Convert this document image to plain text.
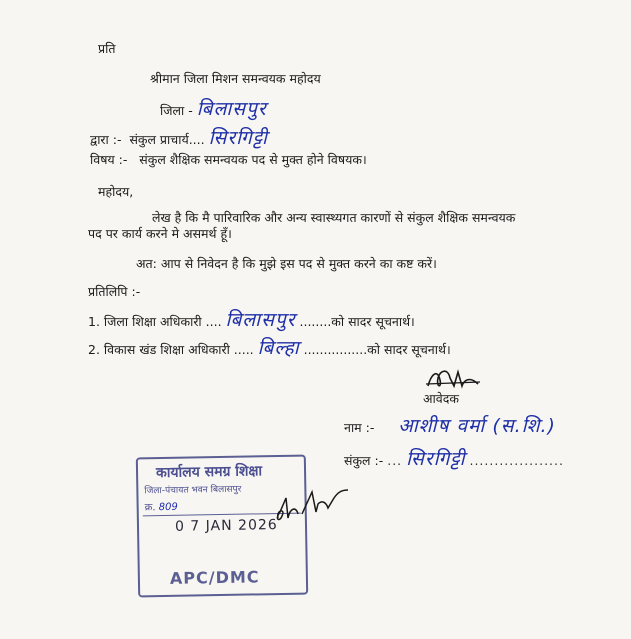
प्रति
श्रीमान जिला मिशन समन्वयक महोदय
जिला - बिलासपुर
द्वारा :- संकुल प्राचार्य.... सिरगिट्टी
विषय :- संकुल शैक्षिक समन्वयक पद से मुक्त होने विषयक।
महोदय,
लेख है कि मै पारिवारिक और अन्य स्वास्थ्यगत कारणों से संकुल शैक्षिक समन्वयक
पद पर कार्य करने मे असमर्थ हूँ।
अत: आप से निवेदन है कि मुझे इस पद से मुक्त करने का कष्ट करें।
प्रतिलिपि :-
1. जिला शिक्षा अधिकारी .... बिलासपुर ........को सादर सूचनार्थ।
2. विकास खंड शिक्षा अधिकारी ..... बिल्हा ................को सादर सूचनार्थ।
आवेदक
नाम :- आशीष वर्मा (स.शि.)
संकुल :- ... सिरगिट्टी ...................
कार्यालय समग्र शिक्षा
जिला-पंचायत भवन बिलासपुर
क्र. 809
0 7 JAN 2026
APC/DMC
